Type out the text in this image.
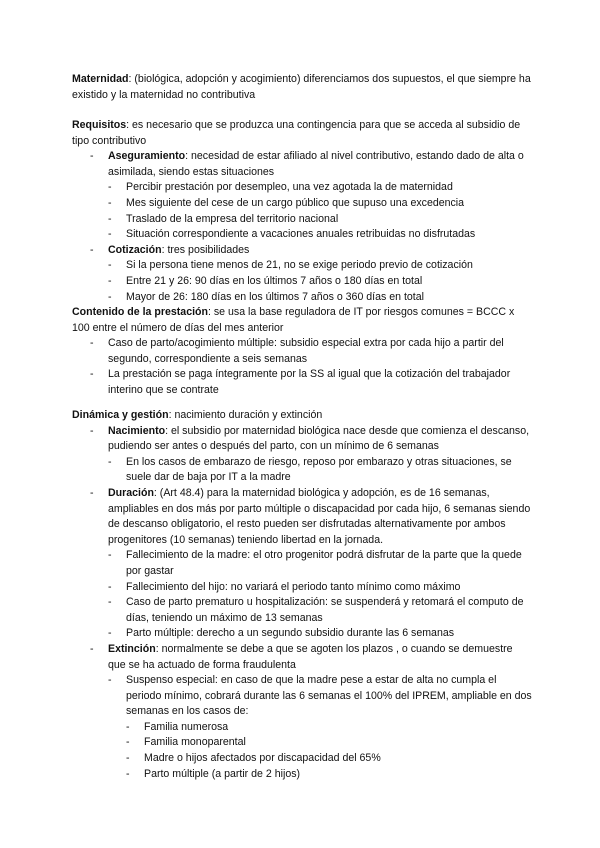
Maternidad: (biológica, adopción y acogimiento) diferenciamos dos supuestos, el que siempre ha existido y la maternidad no contributiva

Requisitos: es necesario que se produzca una contingencia para que se acceda al subsidio de tipo contributivo

-	Aseguramiento: necesidad de estar afiliado al nivel contributivo, estando dado de alta o asimilada, siendo estas situaciones
-	Percibir prestación por desempleo, una vez agotada la de maternidad
-	Mes siguiente del cese de un cargo público que supuso una excedencia
-	Traslado de la empresa del territorio nacional
-	Situación correspondiente a vacaciones anuales retribuidas no disfrutadas
-	Cotización: tres posibilidades
-	Si la persona tiene menos de 21, no se exige periodo previo de cotización
-	Entre 21 y 26: 90 días en los últimos 7 años o 180 días en total
-	Mayor de 26: 180 días en los últimos 7 años o 360 días en total

Contenido de la prestación: se usa la base reguladora de IT por riesgos comunes = BCCC x 100 entre el número de días del mes anterior

-	Caso de parto/acogimiento múltiple: subsidio especial extra por cada hijo a partir del segundo, correspondiente a seis semanas
-	La prestación se paga íntegramente por la SS al igual que la cotización del trabajador interino que se contrate

Dinámica y gestión: nacimiento duración y extinción

-	Nacimiento: el subsidio por maternidad biológica nace desde que comienza el descanso, pudiendo ser antes o después del parto, con un mínimo de 6 semanas
-	En los casos de embarazo de riesgo, reposo por embarazo y otras situaciones, se suele dar de baja por IT a la madre
-	Duración: (Art 48.4) para la maternidad biológica y adopción, es de 16 semanas, ampliables en dos más por parto múltiple o discapacidad por cada hijo, 6 semanas siendo de descanso obligatorio, el resto pueden ser disfrutadas alternativamente por ambos progenitores (10 semanas) teniendo libertad en la jornada.
-	Fallecimiento de la madre: el otro progenitor podrá disfrutar de la parte que la quede por gastar
-	Fallecimiento del hijo: no variará el periodo tanto mínimo como máximo
-	Caso de parto prematuro u hospitalización: se suspenderá y retomará el computo de días, teniendo un máximo de 13 semanas
-	Parto múltiple: derecho a un segundo subsidio durante las 6 semanas
-	Extinción: normalmente se debe a que se agoten los plazos , o cuando se demuestre que se ha actuado de forma fraudulenta
-	Suspenso especial: en caso de que la madre pese a estar de alta no cumpla el periodo mínimo, cobrará durante las 6 semanas el 100% del IPREM, ampliable en dos semanas en los casos de:
-	Familia numerosa
-	Familia monoparental
-	Madre o hijos afectados por discapacidad del 65%
-	Parto múltiple (a partir de 2 hijos)
